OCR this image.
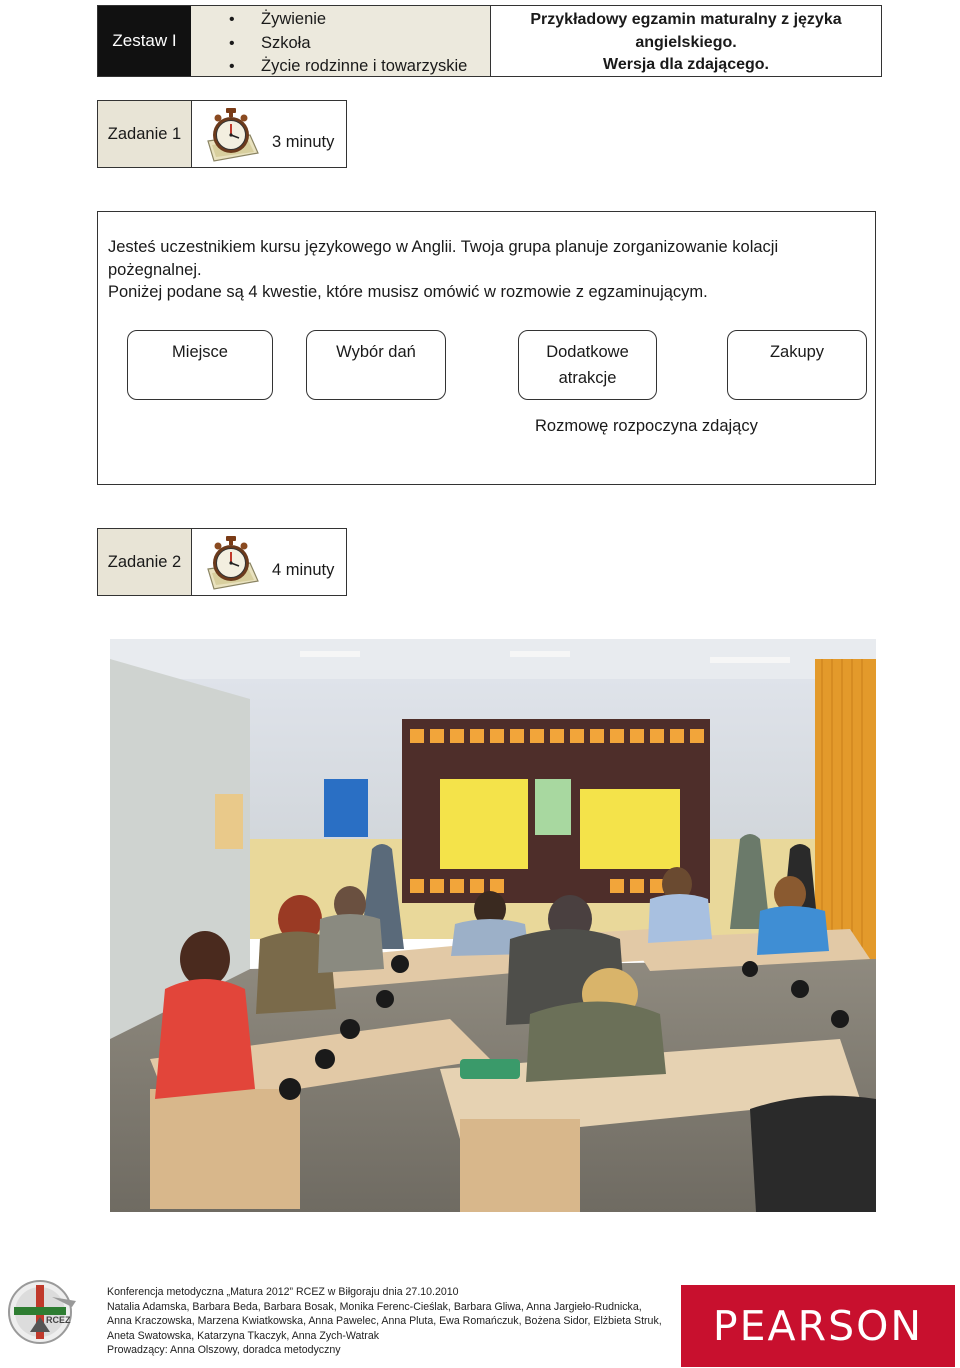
Zestaw I
• Żywienie
• Szkoła
• Życie rodzinne i towarzyskie
Przykładowy egzamin maturalny z języka
angielskiego.
Wersja dla zdającego.
Zadanie 1	3 minuty
Jesteś uczestnikiem kursu językowego w Anglii. Twoja grupa planuje zorganizowanie kolacji
pożegnalnej.
Poniżej podane są 4 kwestie, które musisz omówić w rozmowie z egzaminującym.
Miejsce	Wybór dań	Dodatkowe atrakcje
Zakupy
Rozmowę rozpoczyna zdający
Zadanie 2	4 minuty
RCEZ
Konferencja metodyczna „Matura 2012” RCEZ w Biłgoraju dnia 27.10.2010
Natalia Adamska, Barbara Beda, Barbara Bosak, Monika Ferenc-Cieślak, Barbara Gliwa, Anna Jargieło-Rudnicka,
Anna Kraczowska, Marzena Kwiatkowska, Anna Pawelec, Anna Pluta, Ewa Romańczuk, Bożena Sidor, Elżbieta Struk,
Aneta Swatowska, Katarzyna Tkaczyk, Anna Zych-Watrak
Prowadzący: Anna Olszowy, doradca metodyczny
PEARSON
